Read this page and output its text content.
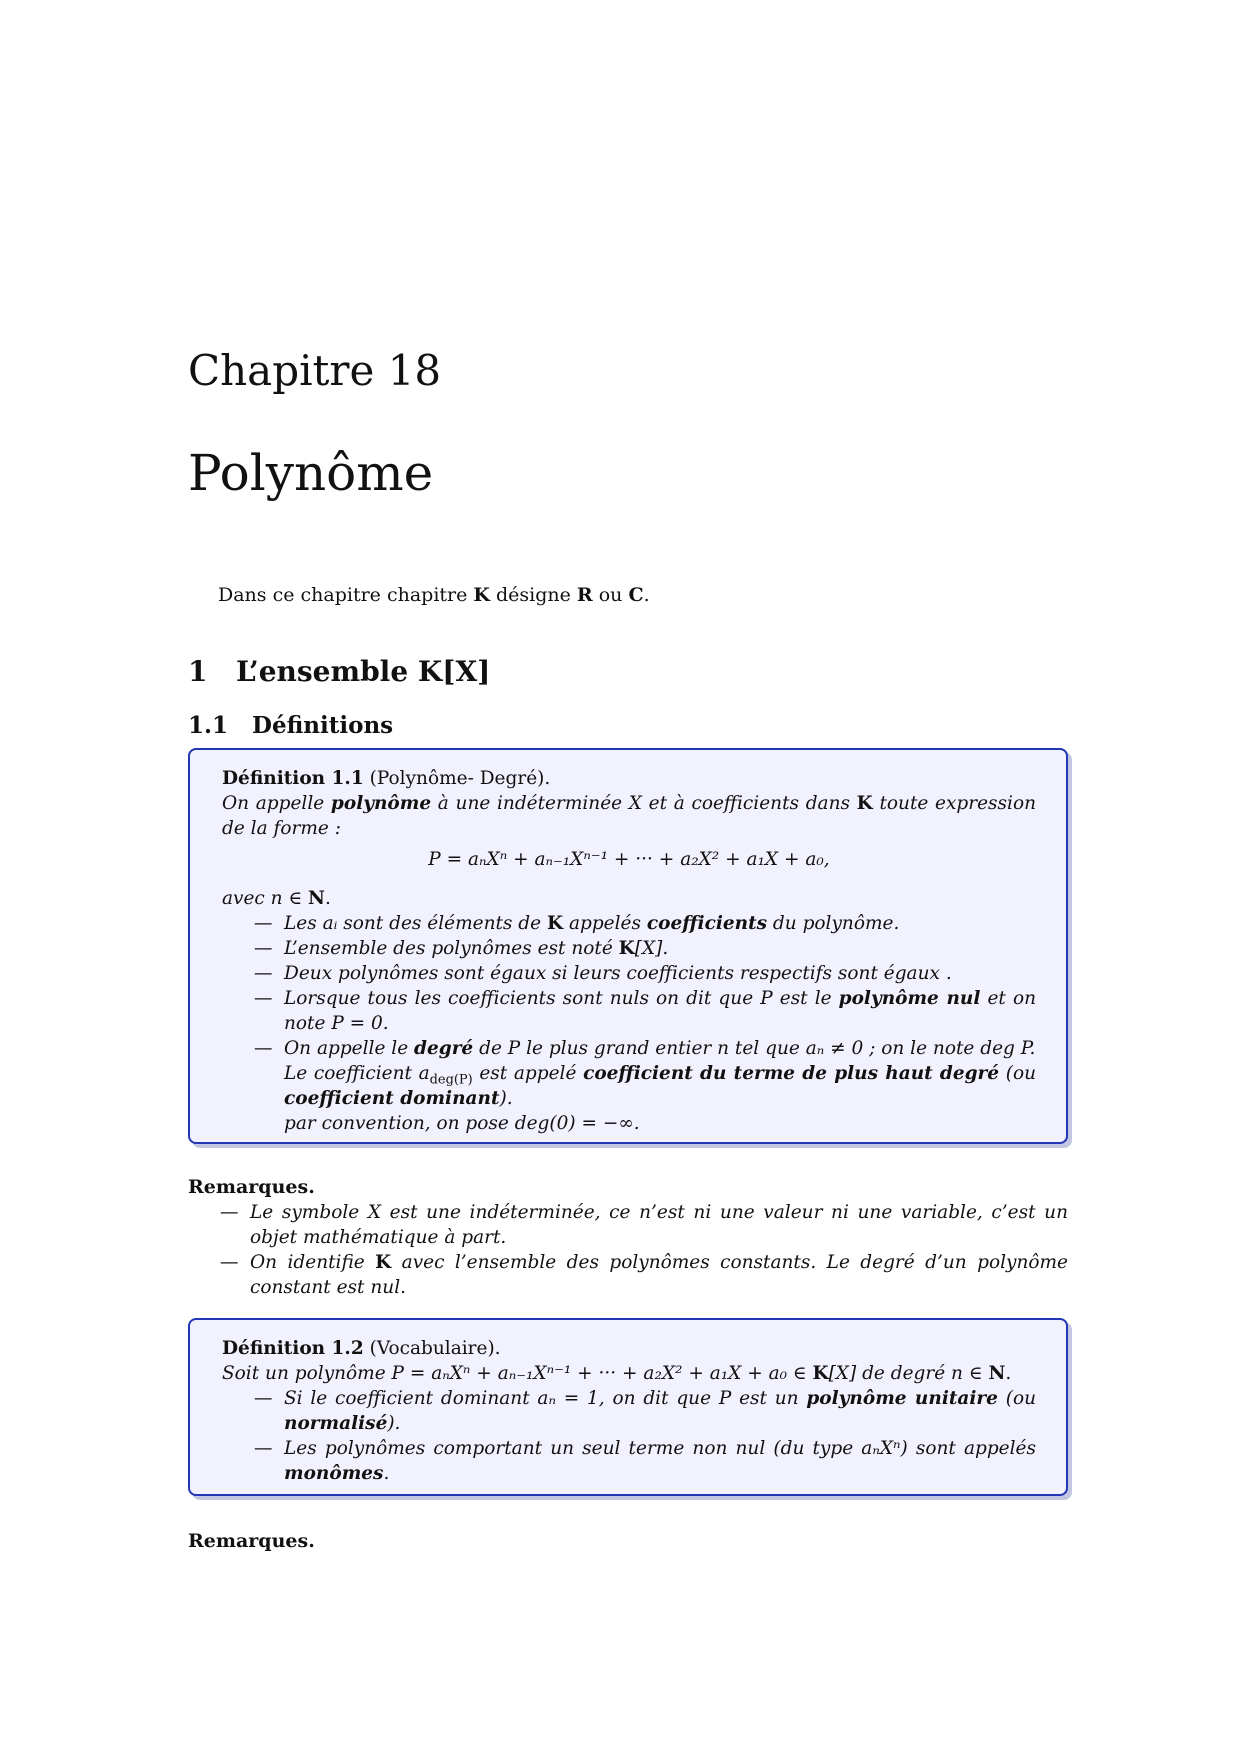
Chapitre 18
Polynôme
Dans ce chapitre chapitre K désigne R ou C.
1 L’ensemble K[X]
1.1 Définitions

Définition 1.1 (Polynôme- Degré).

On appelle polynôme à une indéterminée X et à coefficients dans K toute expression de la forme :

P = aₙXⁿ + aₙ₋₁Xⁿ⁻¹ + ··· + a₂X² + a₁X + a₀,

avec n ∈ N.

— Les aᵢ sont des éléments de K appelés coefficients du polynôme.
— L’ensemble des polynômes est noté K[X].
— Deux polynômes sont égaux si leurs coefficients respectifs sont égaux .
— Lorsque tous les coefficients sont nuls on dit que P est le polynôme nul et on note P = 0.
— On appelle le degré de P le plus grand entier n tel que aₙ ≠ 0 ; on le note deg P.
Le coefficient $a_{deg(P)}$ est appelé coefficient du terme de plus haut degré (ou coefficient dominant).
par convention, on pose deg(0) = −∞.
Remarques.
— Le symbole X est une indéterminée, ce n’est ni une valeur ni une variable, c’est un objet mathématique à part.
— On identifie K avec l’ensemble des polynômes constants. Le degré d’un polynôme constant est nul.

Définition 1.2 (Vocabulaire).

Soit un polynôme P = aₙXⁿ + aₙ₋₁Xⁿ⁻¹ + ··· + a₂X² + a₁X + a₀ ∈ K[X] de degré n ∈ N.

— Si le coefficient dominant aₙ = 1, on dit que P est un polynôme unitaire (ou normalisé).
— Les polynômes comportant un seul terme non nul (du type aₙXⁿ) sont appelés monômes.
Remarques.
